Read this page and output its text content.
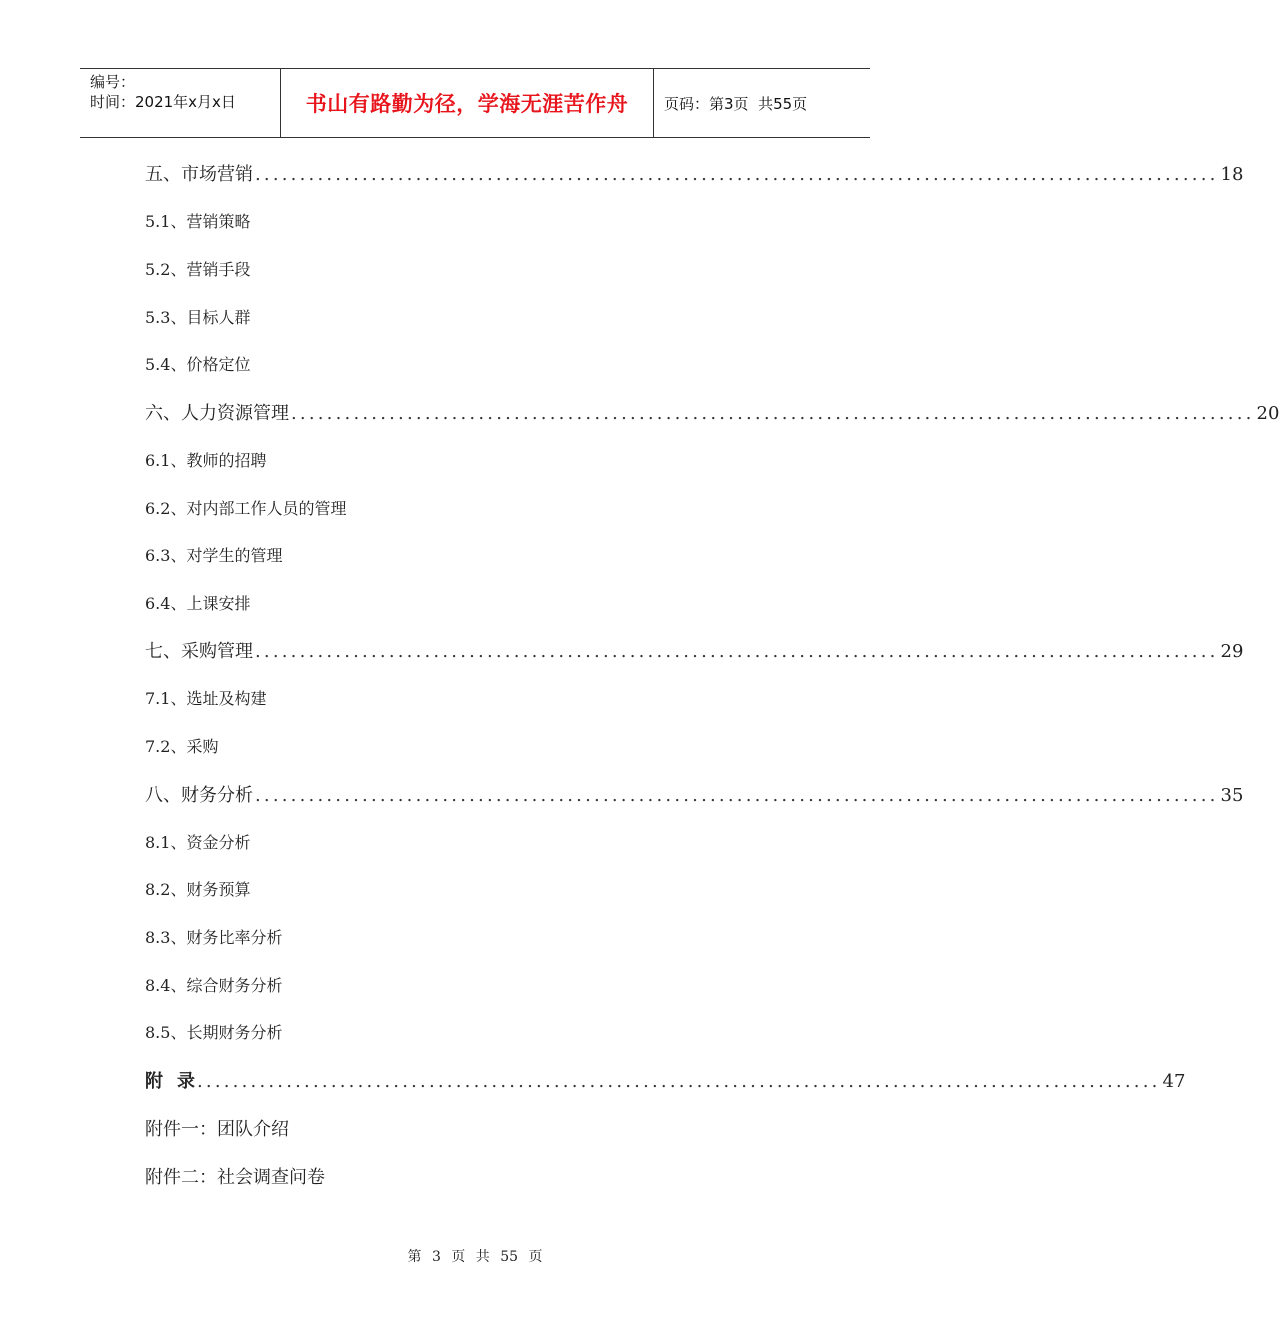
编号：
时间：2021年x月x日	书山有路勤为径，学海无涯苦作舟 页码：第3页  共55页
五、市场营销 ............................................................................................................ 18
5.1、营销策略
5.2、营销手段
5.3、目标人群
5.4、价格定位
六、人力资源管理 ............................................................................................................ 20
6.1、教师的招聘
6.2、对内部工作人员的管理
6.3、对学生的管理
6.4、上课安排
七、采购管理 ............................................................................................................ 29
7.1、选址及构建
7.2、采购
八、财务分析 ............................................................................................................ 35
8.1、资金分析
8.2、财务预算
8.3、财务比率分析
8.4、综合财务分析
8.5、长期财务分析
附录
............................................................................................................ 47
附件一：团队介绍
附件二：社会调查问卷
第 3 页 共 55 页
